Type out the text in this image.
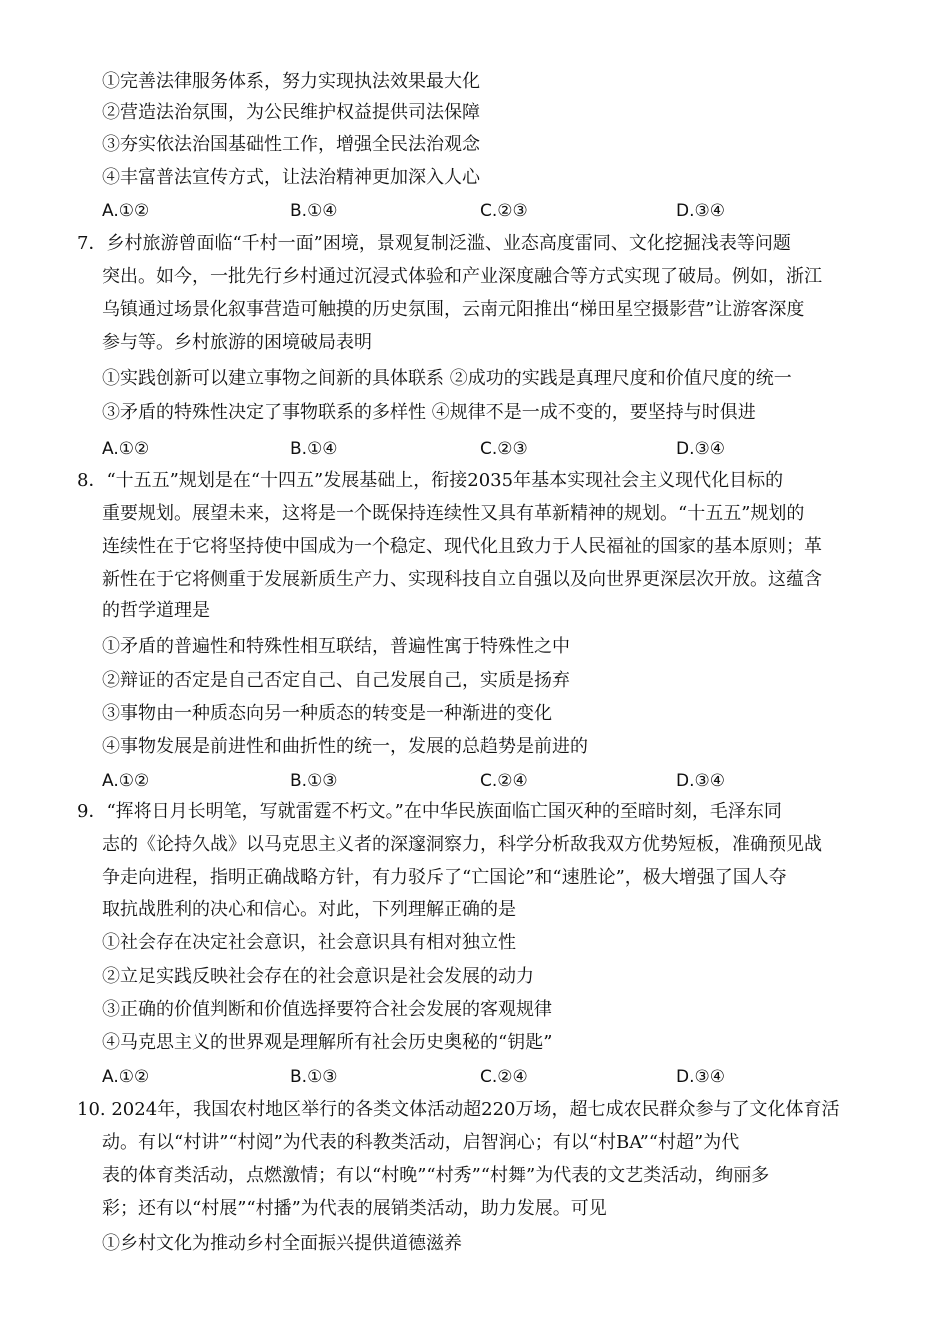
①完善法律服务体系，努力实现执法效果最大化
②营造法治氛围，为公民维护权益提供司法保障
③夯实依法治国基础性工作，增强全民法治观念
④丰富普法宣传方式，让法治精神更加深入人心
A.①②	B.①④	C.②③	D.③④
7．乡村旅游曾面临“千村一面”困境，景观复制泛滥、业态高度雷同、文化挖掘浅表等问题
突出。如今，一批先行乡村通过沉浸式体验和产业深度融合等方式实现了破局。例如，浙江
乌镇通过场景化叙事营造可触摸的历史氛围，云南元阳推出“梯田星空摄影营”让游客深度
参与等。乡村旅游的困境破局表明
①实践创新可以建立事物之间新的具体联系 ②成功的实践是真理尺度和价值尺度的统一
③矛盾的特殊性决定了事物联系的多样性 ④规律不是一成不变的，要坚持与时俱进
A.①②	B.①④	C.②③	D.③④
8．“十五五”规划是在“十四五”发展基础上，衔接2035年基本实现社会主义现代化目标的
重要规划。展望未来，这将是一个既保持连续性又具有革新精神的规划。“十五五”规划的
连续性在于它将坚持使中国成为一个稳定、现代化且致力于人民福祉的国家的基本原则；革
新性在于它将侧重于发展新质生产力、实现科技自立自强以及向世界更深层次开放。这蕴含
的哲学道理是
①矛盾的普遍性和特殊性相互联结，普遍性寓于特殊性之中
②辩证的否定是自己否定自己、自己发展自己，实质是扬弃
③事物由一种质态向另一种质态的转变是一种渐进的变化
④事物发展是前进性和曲折性的统一，发展的总趋势是前进的
A.①②	B.①③	C.②④	D.③④
9．“挥将日月长明笔，写就雷霆不朽文。”在中华民族面临亡国灭种的至暗时刻，毛泽东同
志的《论持久战》以马克思主义者的深邃洞察力，科学分析敌我双方优势短板，准确预见战
争走向进程，指明正确战略方针，有力驳斥了“亡国论”和“速胜论”，极大增强了国人夺
取抗战胜利的决心和信心。对此，下列理解正确的是
①社会存在决定社会意识，社会意识具有相对独立性
②立足实践反映社会存在的社会意识是社会发展的动力
③正确的价值判断和价值选择要符合社会发展的客观规律
④马克思主义的世界观是理解所有社会历史奥秘的“钥匙”
A.①②	B.①③	C.②④	D.③④
10. 2024年，我国农村地区举行的各类文体活动超220万场，超七成农民群众参与了文化体育活
动。有以“村讲”“村阅”为代表的科教类活动，启智润心；有以“村BA”“村超”为代
表的体育类活动，点燃激情；有以“村晚”“村秀”“村舞”为代表的文艺类活动，绚丽多
彩；还有以“村展”“村播”为代表的展销类活动，助力发展。可见
①乡村文化为推动乡村全面振兴提供道德滋养
